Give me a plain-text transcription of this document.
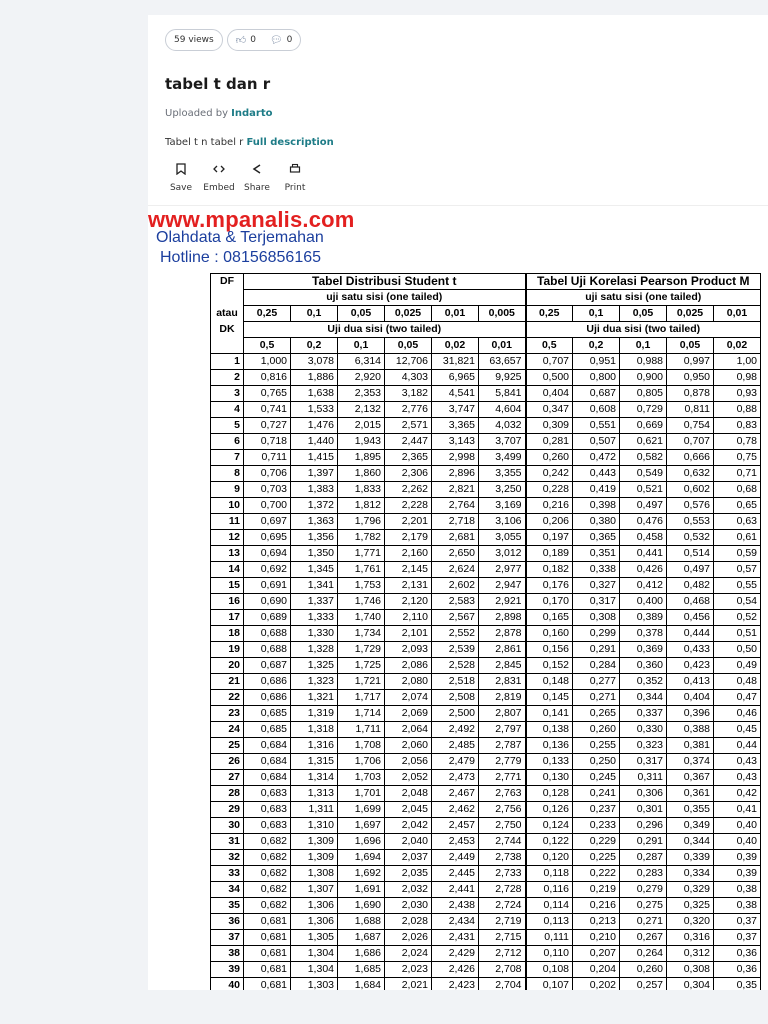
59 views 👍︎ 0 💬︎ 0
tabel t dan r
Uploaded by Indarto
Tabel t n tabel r Full description
Save Embed Share Print
www.mpanalis.com
Olahdata & Terjemahan
Hotline : 08156856165
DF	Tabel Distribusi Student t						Tabel Uji Korelasi Pearson Product M				
	uji satu sisi (one tailed)						uji satu sisi (one tailed)				
atau	0,25	0,1	0,05	0,025	0,01	0,005	0,25	0,1	0,05	0,025	0,01
DK	Uji dua sisi (two tailed)						Uji dua sisi (two tailed)				
	0,5	0,2	0,1	0,05	0,02	0,01	0,5	0,2	0,1	0,05	0,02
1	1,000	3,078	6,314	12,706	31,821	63,657	0,707	0,951	0,988	0,997	1,00
2	0,816	1,886	2,920	4,303	6,965	9,925	0,500	0,800	0,900	0,950	0,98
3	0,765	1,638	2,353	3,182	4,541	5,841	0,404	0,687	0,805	0,878	0,93
4	0,741	1,533	2,132	2,776	3,747	4,604	0,347	0,608	0,729	0,811	0,88
5	0,727	1,476	2,015	2,571	3,365	4,032	0,309	0,551	0,669	0,754	0,83
6	0,718	1,440	1,943	2,447	3,143	3,707	0,281	0,507	0,621	0,707	0,78
7	0,711	1,415	1,895	2,365	2,998	3,499	0,260	0,472	0,582	0,666	0,75
8	0,706	1,397	1,860	2,306	2,896	3,355	0,242	0,443	0,549	0,632	0,71
9	0,703	1,383	1,833	2,262	2,821	3,250	0,228	0,419	0,521	0,602	0,68
10	0,700	1,372	1,812	2,228	2,764	3,169	0,216	0,398	0,497	0,576	0,65
11	0,697	1,363	1,796	2,201	2,718	3,106	0,206	0,380	0,476	0,553	0,63
12	0,695	1,356	1,782	2,179	2,681	3,055	0,197	0,365	0,458	0,532	0,61
13	0,694	1,350	1,771	2,160	2,650	3,012	0,189	0,351	0,441	0,514	0,59
14	0,692	1,345	1,761	2,145	2,624	2,977	0,182	0,338	0,426	0,497	0,57
15	0,691	1,341	1,753	2,131	2,602	2,947	0,176	0,327	0,412	0,482	0,55
16	0,690	1,337	1,746	2,120	2,583	2,921	0,170	0,317	0,400	0,468	0,54
17	0,689	1,333	1,740	2,110	2,567	2,898	0,165	0,308	0,389	0,456	0,52
18	0,688	1,330	1,734	2,101	2,552	2,878	0,160	0,299	0,378	0,444	0,51
19	0,688	1,328	1,729	2,093	2,539	2,861	0,156	0,291	0,369	0,433	0,50
20	0,687	1,325	1,725	2,086	2,528	2,845	0,152	0,284	0,360	0,423	0,49
21	0,686	1,323	1,721	2,080	2,518	2,831	0,148	0,277	0,352	0,413	0,48
22	0,686	1,321	1,717	2,074	2,508	2,819	0,145	0,271	0,344	0,404	0,47
23	0,685	1,319	1,714	2,069	2,500	2,807	0,141	0,265	0,337	0,396	0,46
24	0,685	1,318	1,711	2,064	2,492	2,797	0,138	0,260	0,330	0,388	0,45
25	0,684	1,316	1,708	2,060	2,485	2,787	0,136	0,255	0,323	0,381	0,44
26	0,684	1,315	1,706	2,056	2,479	2,779	0,133	0,250	0,317	0,374	0,43
27	0,684	1,314	1,703	2,052	2,473	2,771	0,130	0,245	0,311	0,367	0,43
28	0,683	1,313	1,701	2,048	2,467	2,763	0,128	0,241	0,306	0,361	0,42
29	0,683	1,311	1,699	2,045	2,462	2,756	0,126	0,237	0,301	0,355	0,41
30	0,683	1,310	1,697	2,042	2,457	2,750	0,124	0,233	0,296	0,349	0,40
31	0,682	1,309	1,696	2,040	2,453	2,744	0,122	0,229	0,291	0,344	0,40
32	0,682	1,309	1,694	2,037	2,449	2,738	0,120	0,225	0,287	0,339	0,39
33	0,682	1,308	1,692	2,035	2,445	2,733	0,118	0,222	0,283	0,334	0,39
34	0,682	1,307	1,691	2,032	2,441	2,728	0,116	0,219	0,279	0,329	0,38
35	0,682	1,306	1,690	2,030	2,438	2,724	0,114	0,216	0,275	0,325	0,38
36	0,681	1,306	1,688	2,028	2,434	2,719	0,113	0,213	0,271	0,320	0,37
37	0,681	1,305	1,687	2,026	2,431	2,715	0,111	0,210	0,267	0,316	0,37
38	0,681	1,304	1,686	2,024	2,429	2,712	0,110	0,207	0,264	0,312	0,36
39	0,681	1,304	1,685	2,023	2,426	2,708	0,108	0,204	0,260	0,308	0,36
40	0,681	1,303	1,684	2,021	2,423	2,704	0,107	0,202	0,257	0,304	0,35
